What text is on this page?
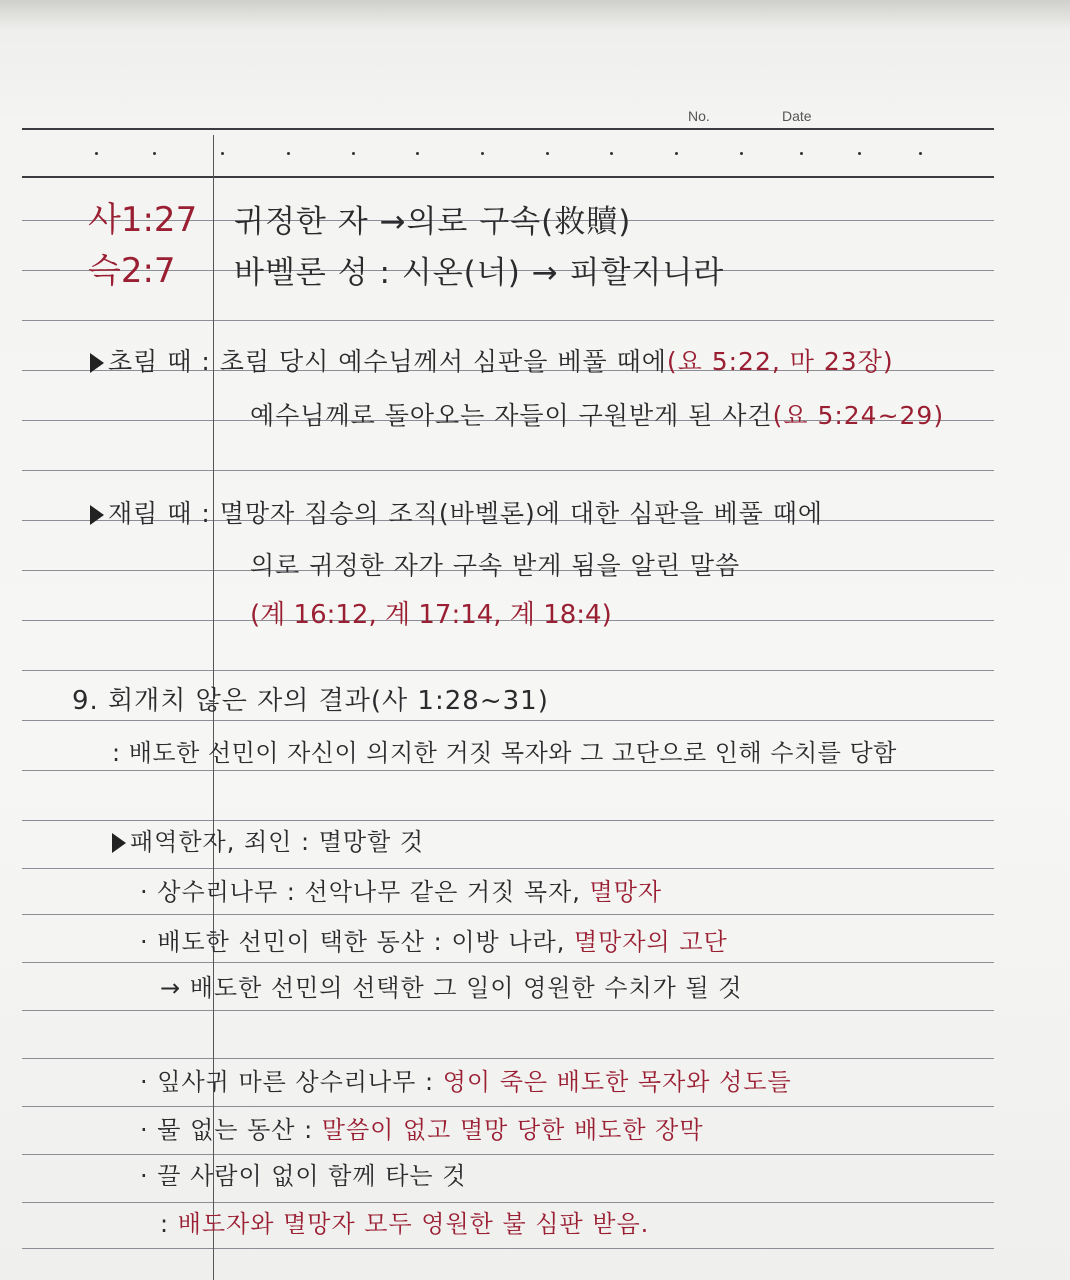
No.	Date
사1:27 귀정한 자 →의로 구속(救贖)
슥2:7 바벨론 성 : 시온(너) → 피할지니라
초림 때 : 초림 당시 예수님께서 심판을 베풀 때에(요 5:22, 마 23장)
예수님께로 돌아오는 자들이 구원받게 된 사건(요 5:24~29)
재림 때 : 멸망자 짐승의 조직(바벨론)에 대한 심판을 베풀 때에
의로 귀정한 자가 구속 받게 됨을 알린 말씀
(계 16:12, 계 17:14, 계 18:4)
9. 회개치 않은 자의 결과(사 1:28~31)
: 배도한 선민이 자신이 의지한 거짓 목자와 그 고단으로 인해 수치를 당함
패역한자, 죄인 : 멸망할 것
· 상수리나무 : 선악나무 같은 거짓 목자, 멸망자
· 배도한 선민이 택한 동산 : 이방 나라, 멸망자의 고단
→ 배도한 선민의 선택한 그 일이 영원한 수치가 될 것
· 잎사귀 마른 상수리나무 : 영이 죽은 배도한 목자와 성도들
· 물 없는 동산 : 말씀이 없고 멸망 당한 배도한 장막
· 끌 사람이 없이 함께 타는 것
: 배도자와 멸망자 모두 영원한 불 심판 받음.
